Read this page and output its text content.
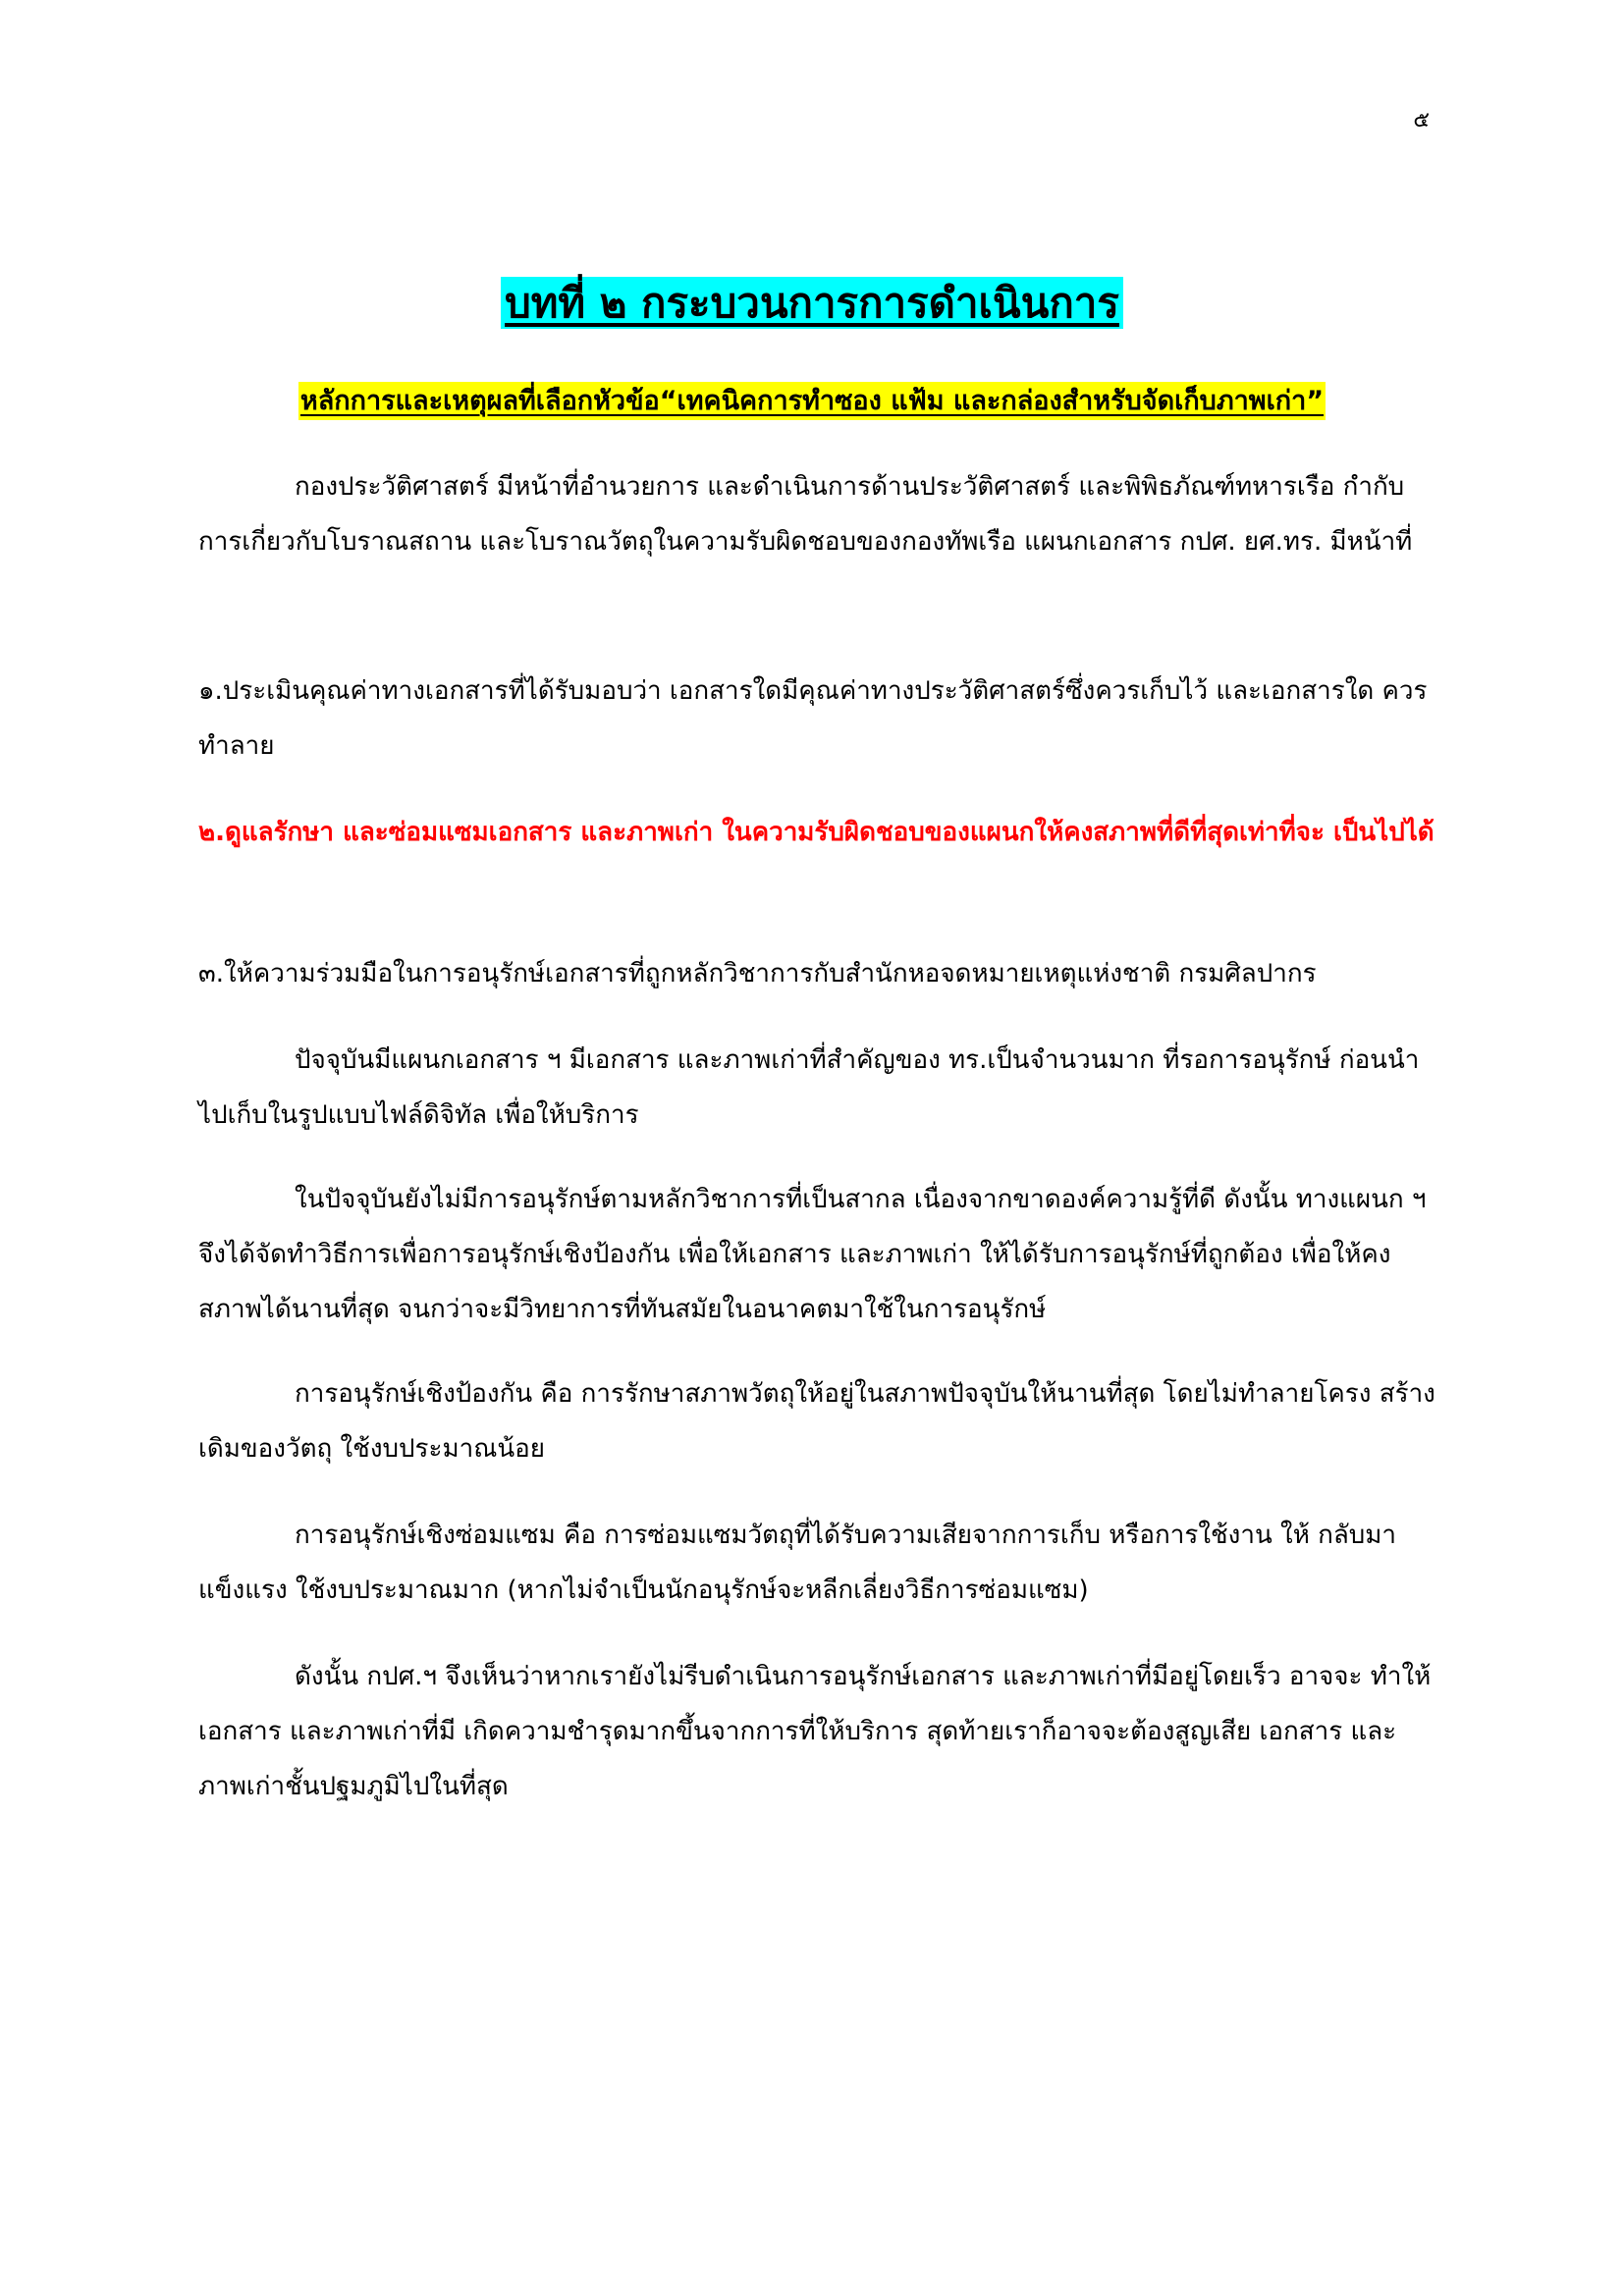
๕
บทที่ ๒ กระบวนการการดำเนินการ
หลักการและเหตุผลที่เลือกหัวข้อ“เทคนิคการทำซอง แฟ้ม และกล่องสำหรับจัดเก็บภาพเก่า”

กองประวัติศาสตร์ มีหน้าที่อำนวยการ และดำเนินการด้านประวัติศาสตร์ และพิพิธภัณฑ์ทหารเรือ กำกับการเกี่ยวกับโบราณสถาน และโบราณวัตถุในความรับผิดชอบของกองทัพเรือ แผนกเอกสาร กปศ. ยศ.ทร. มีหน้าที่

๑.ประเมินคุณค่าทางเอกสารที่ได้รับมอบว่า เอกสารใดมีคุณค่าทางประวัติศาสตร์ซึ่งควรเก็บไว้ และเอกสารใด ควรทำลาย

๒.ดูแลรักษา และซ่อมแซมเอกสาร และภาพเก่า ในความรับผิดชอบของแผนกให้คงสภาพที่ดีที่สุดเท่าที่จะ เป็นไปได้

๓.ให้ความร่วมมือในการอนุรักษ์เอกสารที่ถูกหลักวิชาการกับสำนักหอจดหมายเหตุแห่งชาติ กรมศิลปากร

ปัจจุบันมีแผนกเอกสาร ฯ มีเอกสาร และภาพเก่าที่สำคัญของ ทร.เป็นจำนวนมาก ที่รอการอนุรักษ์ ก่อนนำไปเก็บในรูปแบบไฟล์ดิจิทัล เพื่อให้บริการ

ในปัจจุบันยังไม่มีการอนุรักษ์ตามหลักวิชาการที่เป็นสากล เนื่องจากขาดองค์ความรู้ที่ดี ดังนั้น ทางแผนก ฯ จึงได้จัดทำวิธีการเพื่อการอนุรักษ์เชิงป้องกัน เพื่อให้เอกสาร และภาพเก่า ให้ได้รับการอนุรักษ์ที่ถูกต้อง เพื่อให้คงสภาพได้นานที่สุด จนกว่าจะมีวิทยาการที่ทันสมัยในอนาคตมาใช้ในการอนุรักษ์

การอนุรักษ์เชิงป้องกัน คือ การรักษาสภาพวัตถุให้อยู่ในสภาพปัจจุบันให้นานที่สุด โดยไม่ทำลายโครง สร้างเดิมของวัตถุ ใช้งบประมาณน้อย

การอนุรักษ์เชิงซ่อมแซม คือ การซ่อมแซมวัตถุที่ได้รับความเสียจากการเก็บ หรือการใช้งาน ให้ กลับมาแข็งแรง ใช้งบประมาณมาก (หากไม่จำเป็นนักอนุรักษ์จะหลีกเลี่ยงวิธีการซ่อมแซม)

ดังนั้น กปศ.ฯ จึงเห็นว่าหากเรายังไม่รีบดำเนินการอนุรักษ์เอกสาร และภาพเก่าที่มีอยู่โดยเร็ว อาจจะ ทำให้เอกสาร และภาพเก่าที่มี เกิดความชำรุดมากขึ้นจากการที่ให้บริการ สุดท้ายเราก็อาจจะต้องสูญเสีย เอกสาร และภาพเก่าชั้นปฐมภูมิไปในที่สุด
